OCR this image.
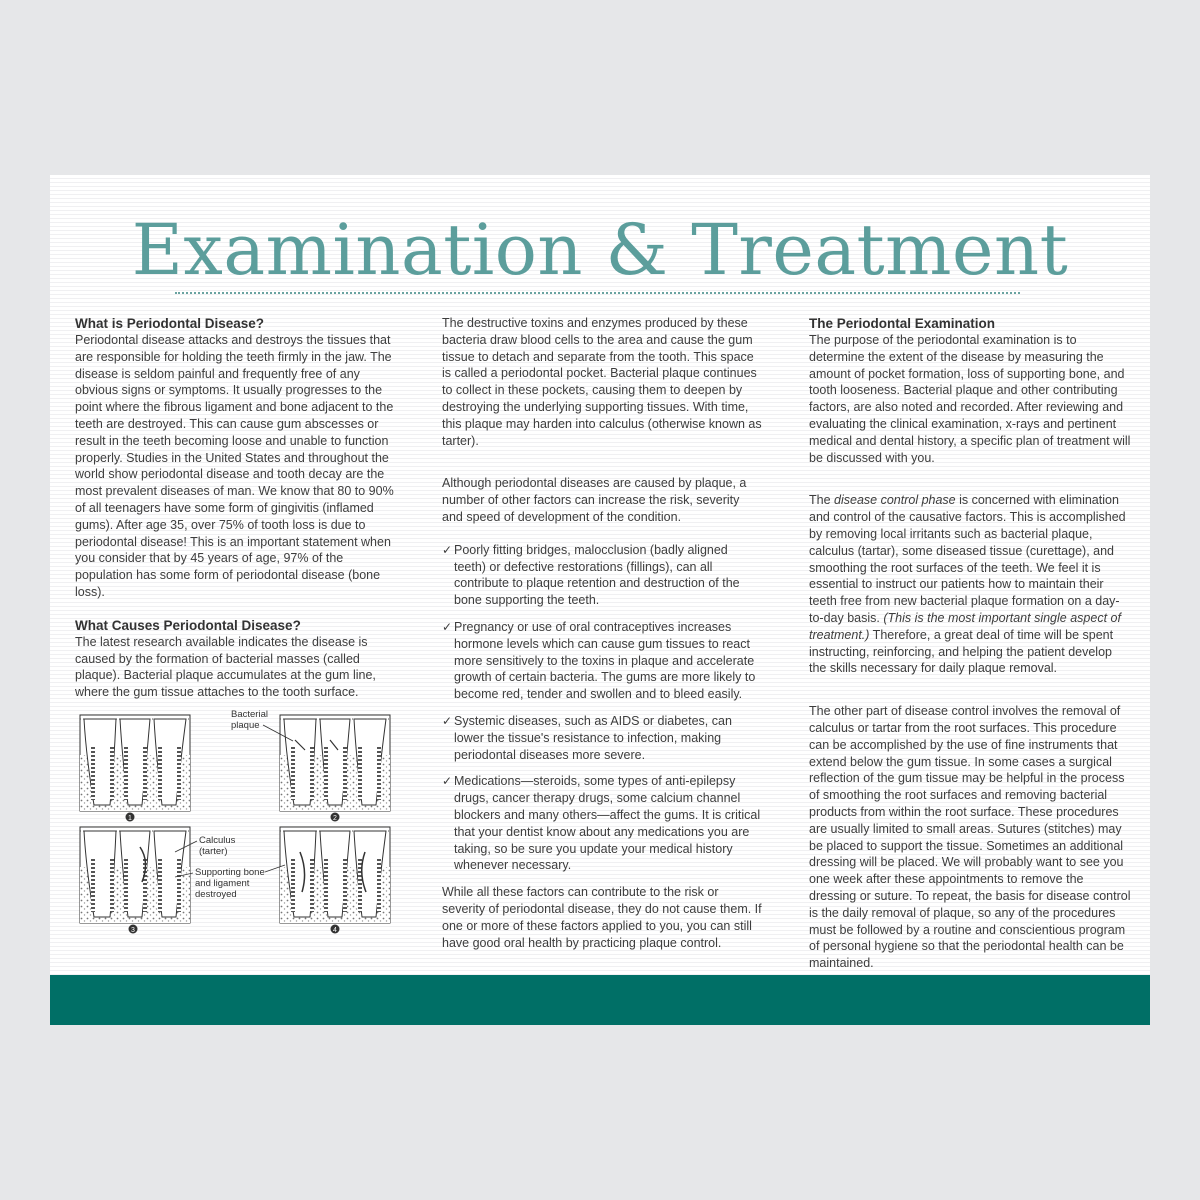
Examination & Treatment
What is Periodontal Disease?

Periodontal disease attacks and destroys the tissues that are responsible for holding the teeth firmly in the jaw. The disease is seldom painful and frequently free of any obvious signs or symptoms. It usually progresses to the point where the fibrous ligament and bone adjacent to the teeth are destroyed. This can cause gum abscesses or result in the teeth becoming loose and unable to function properly. Studies in the United States and throughout the world show periodontal disease and tooth decay are the most prevalent diseases of man. We know that 80 to 90% of all teenagers have some form of gingivitis (inflamed gums). After age 35, over 75% of tooth loss is due to periodontal disease! This is an important statement when you consider that by 45 years of age, 97% of the population has some form of periodontal disease (bone loss).

What Causes Periodontal Disease?

The latest research available indicates the disease is caused by the formation of bacterial masses (called plaque). Bacterial plaque accumulates at the gum line, where the gum tissue attaches to the tooth surface.

1	2
3	4
Bacterial
plaque
Calculus
(tarter)
Supporting bone
and ligament
destroyed

The destructive toxins and enzymes produced by these bacteria draw blood cells to the area and cause the gum tissue to detach and separate from the tooth. This space is called a periodontal pocket. Bacterial plaque continues to collect in these pockets, causing them to deepen by destroying the underlying supporting tissues. With time, this plaque may harden into calculus (otherwise known as tarter).

Although periodontal diseases are caused by plaque, a number of other factors can increase the risk, severity and speed of development of the condition.

✓ Poorly fitting bridges, malocclusion (badly aligned teeth) or defective restorations (fillings), can all contribute to plaque retention and destruction of the bone supporting the teeth.
✓ Pregnancy or use of oral contraceptives increases hormone levels which can cause gum tissues to react more sensitively to the toxins in plaque and accelerate growth of certain bacteria. The gums are more likely to become red, tender and swollen and to bleed easily.
✓ Systemic diseases, such as AIDS or diabetes, can lower the tissue's resistance to infection, making periodontal diseases more severe.
✓ Medications—steroids, some types of anti-epilepsy drugs, cancer therapy drugs, some calcium channel blockers and many others—affect the gums. It is critical that your dentist know about any medications you are taking, so be sure you update your medical history whenever necessary.

While all these factors can contribute to the risk or severity of periodontal disease, they do not cause them. If one or more of these factors applied to you, you can still have good oral health by practicing plaque control.

The Periodontal Examination

The purpose of the periodontal examination is to determine the extent of the disease by measuring the amount of pocket formation, loss of supporting bone, and tooth looseness. Bacterial plaque and other contributing factors, are also noted and recorded. After reviewing and evaluating the clinical examination, x-rays and pertinent medical and dental history, a specific plan of treatment will be discussed with you.

The disease control phase is concerned with elimination and control of the causative factors. This is accomplished by removing local irritants such as bacterial plaque, calculus (tartar), some diseased tissue (curettage), and smoothing the root surfaces of the teeth. We feel it is essential to instruct our patients how to maintain their teeth free from new bacterial plaque formation on a day-to-day basis. (This is the most important single aspect of treatment.) Therefore, a great deal of time will be spent instructing, reinforcing, and helping the patient develop the skills necessary for daily plaque removal.

The other part of disease control involves the removal of calculus or tartar from the root surfaces. This procedure can be accomplished by the use of fine instruments that extend below the gum tissue. In some cases a surgical reflection of the gum tissue may be helpful in the process of smoothing the root surfaces and removing bacterial products from within the root surface. These procedures are usually limited to small areas. Sutures (stitches) may be placed to support the tissue. Sometimes an additional dressing will be placed. We will probably want to see you one week after these appointments to remove the dressing or suture. To repeat, the basis for disease control is the daily removal of plaque, so any of the procedures must be followed by a routine and conscientious program of personal hygiene so that the periodontal health can be maintained.
